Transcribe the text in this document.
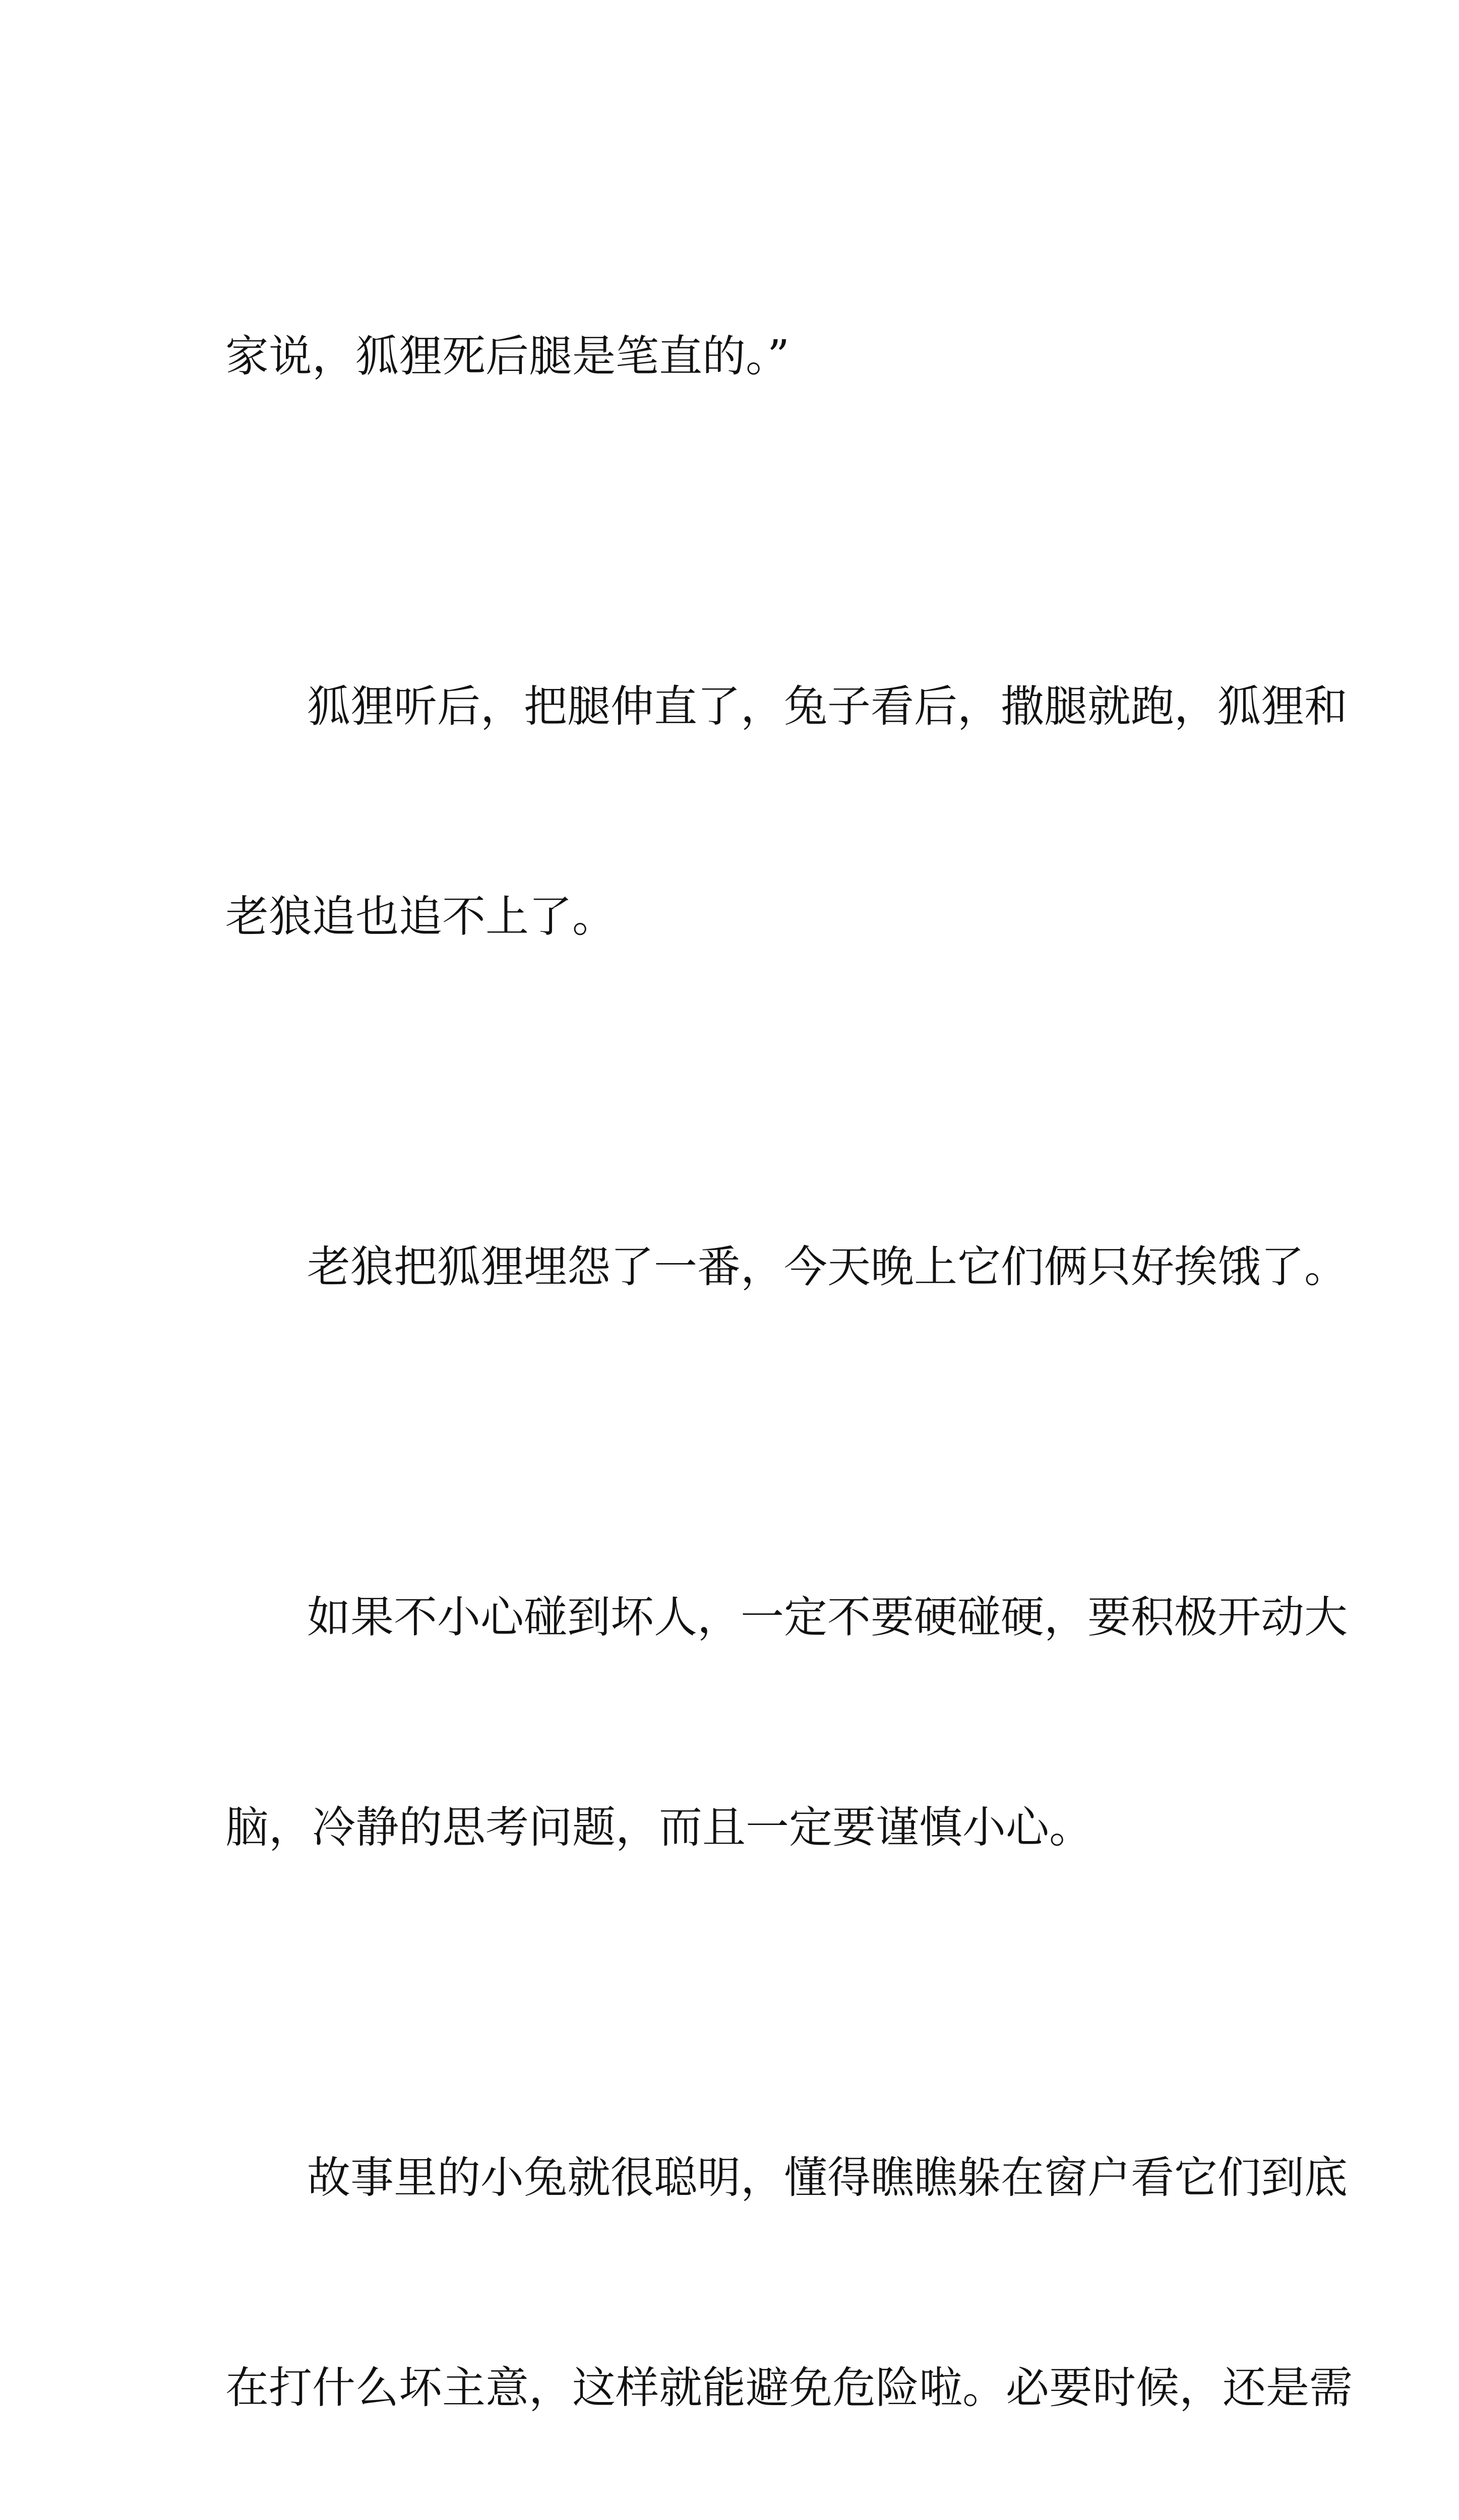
家说，狐狸死后腿是笔直的。”

狐狸听后，把腿伸直了，兔子看后，撒腿就跑，狐狸和

老狼追也追不上了。

老狼把狐狸埋怨了一番，今天晚上它们俩只好挨饿了。

如果不小心碰到坏人，一定不要硬碰硬，要积极开动大

脑，冷静的思考问题，而且一定要谨慎小心。

故事里的小兔就很聪明，懂得瞧瞧躲在窗户看它们到底

在打什么坏主意，这样就能避免危险啦。必要时候，还是需
